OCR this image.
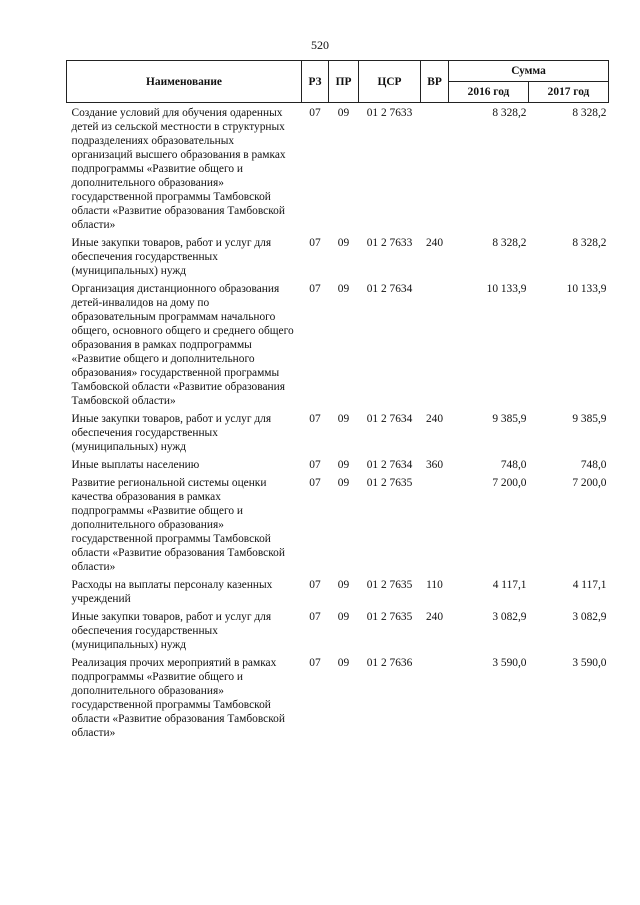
520
Наименование	РЗ	ПР	ЦСР	ВР	Сумма	
					2016 год	2017 год
Создание условий для обучения одаренных детей из сельской местности в структурных подразделениях образовательных организаций высшего образования в рамках подпрограммы «Развитие общего и дополнительного образования» государственной программы Тамбовской области «Развитие образования Тамбовской области»	07	09	01 2 7633		8 328,2	8 328,2
Иные закупки товаров, работ и услуг для обеспечения государственных (муниципальных) нужд	07	09	01 2 7633	240	8 328,2	8 328,2
Организация дистанционного образования детей-инвалидов на дому по образовательным программам начального общего, основного общего и среднего общего образования в рамках подпрограммы «Развитие общего и дополнительного образования» государственной программы Тамбовской области «Развитие образования Тамбовской области»	07	09	01 2 7634		10 133,9	10 133,9
Иные закупки товаров, работ и услуг для обеспечения государственных (муниципальных) нужд	07	09	01 2 7634	240	9 385,9	9 385,9
Иные выплаты населению	07	09	01 2 7634	360	748,0	748,0
Развитие региональной системы оценки качества образования в рамках подпрограммы «Развитие общего и дополнительного образования» государственной программы Тамбовской области «Развитие образования Тамбовской области»	07	09	01 2 7635		7 200,0	7 200,0
Расходы на выплаты персоналу казенных учреждений	07	09	01 2 7635	110	4 117,1	4 117,1
Иные закупки товаров, работ и услуг для обеспечения государственных (муниципальных) нужд	07	09	01 2 7635	240	3 082,9	3 082,9
Реализация прочих мероприятий в рамках подпрограммы «Развитие общего и дополнительного образования» государственной программы Тамбовской области «Развитие образования Тамбовской области»	07	09	01 2 7636		3 590,0	3 590,0
